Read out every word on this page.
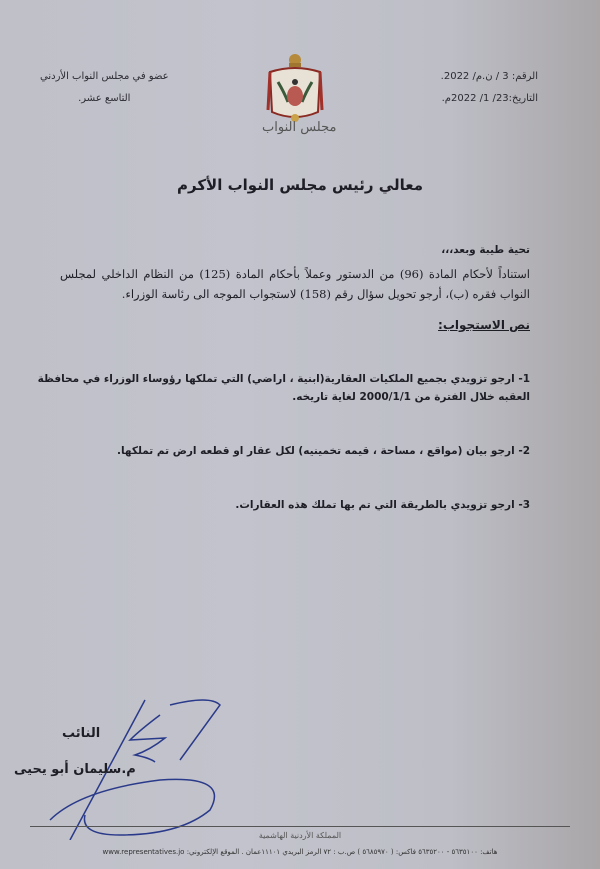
الرقم: 3 / ن.م/ 2022.
التاريخ:23/ 1/ 2022م.
عضو في مجلس النواب الأردني
التاسع عشر.
مجلس النواب
معالي رئيس مجلس النواب الأكرم
تحية طيبة وبعد،،،
استناداً لأحكام المادة (96) من الدستور وعملاً بأحكام المادة (125) من النظام الداخلي لمجلس النواب فقره (ب)، أرجو تحويل سؤال رقم (158) لاستجواب الموجه الى رئاسة الوزراء.
نص الاستجواب:
1- ارجو تزويدي بجميع الملكيات العقارية(ابنية ، اراضي) التي تملكها رؤوساء الوزراء في محافظة العقبه خلال الفترة من 2000/1/1 لغاية تاريخه.
2- ارجو بيان (مواقع ، مساحة ، قيمه تخمينيه) لكل عقار او قطعه ارض تم تملكها.
3- ارجو تزويدي بالطريقة التي تم بها تملك هذه العقارات.
النائب
م.سليمان أبو يحيى
المملكة الأردنية الهاشمية
هاتف: ٥٦٣٥١٠٠ - ٥٦٣٥٢٠٠ فاكس: ( ٥٦٨٥٩٧٠ ) ص.ب : ٧٢ الرمز البريدي ١١١٠١عمان . الموقع الإلكتروني: www.representatives.jo
